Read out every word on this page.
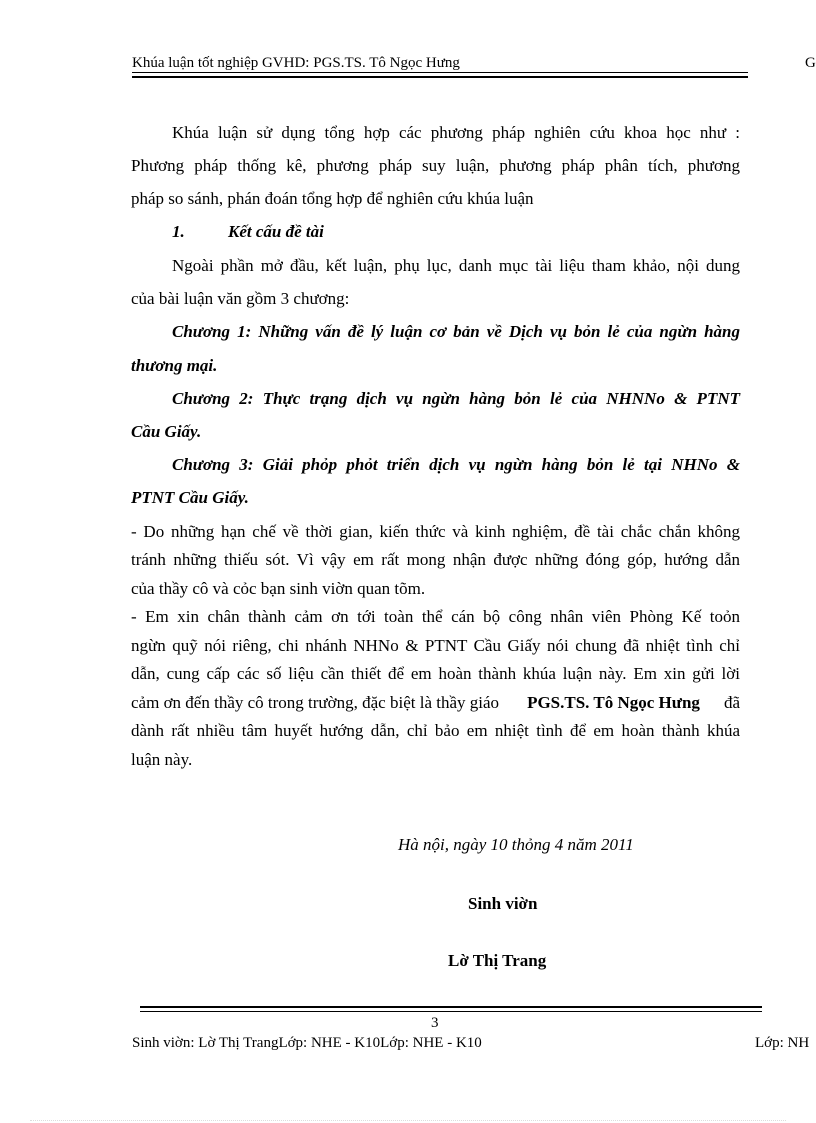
Khúa luận tốt nghiệp GVHD: PGS.TS. Tô Ngọc Hưng	G
Khúa luận sử dụng tổng hợp các phương pháp nghiên cứu khoa học như :
Phương pháp thống kê, phương pháp suy luận, phương pháp phân tích, phương
pháp so sánh, phán đoán tổng hợp để nghiên cứu khúa luận
1.	Kết cấu đề tài
Ngoài phần mở đầu, kết luận, phụ lục, danh mục tài liệu tham khảo, nội dung
của bài luận văn gồm 3 chương:
Chương 1: Những vấn đề lý luận cơ bản về Dịch vụ bỏn lẻ của ngừn hàng
thương mại.
Chương 2: Thực trạng dịch vụ ngừn hàng bỏn lẻ của NHNNo & PTNT
Cầu Giấy.
Chương 3: Giải phỏp phỏt triển dịch vụ ngừn hàng bỏn lẻ tại NHNo &
PTNT Cầu Giấy.
- Do những hạn chế về thời gian, kiến thức và kinh nghiệm, đề tài chắc chắn không
tránh những thiếu sót. Vì vậy em rất mong nhận được những đóng góp, hướng dẫn
của thầy cô và cỏc bạn sinh viờn quan tõm.
- Em xin chân thành cảm ơn tới toàn thể cán bộ công nhân viên Phòng Kế toỏn
ngừn quỹ nói riêng, chi nhánh NHNo & PTNT Cầu Giấy nói chung đã nhiệt tình chỉ
dẫn, cung cấp các số liệu cần thiết để em hoàn thành khúa luận này. Em xin gửi lời
cảm ơn đến thầy cô trong trường, đặc biệt là thầy giáo PGS.TS. Tô Ngọc Hưng đã
dành rất nhiều tâm huyết hướng dẫn, chỉ bảo em nhiệt tình để em hoàn thành khúa
luận này.
Hà nội, ngày 10 thỏng 4 năm 2011
Sinh viờn
Lờ Thị Trang
3
Sinh viờn: Lờ Thị TrangLớp: NHE - K10Lớp: NHE - K10	Lớp: NH
